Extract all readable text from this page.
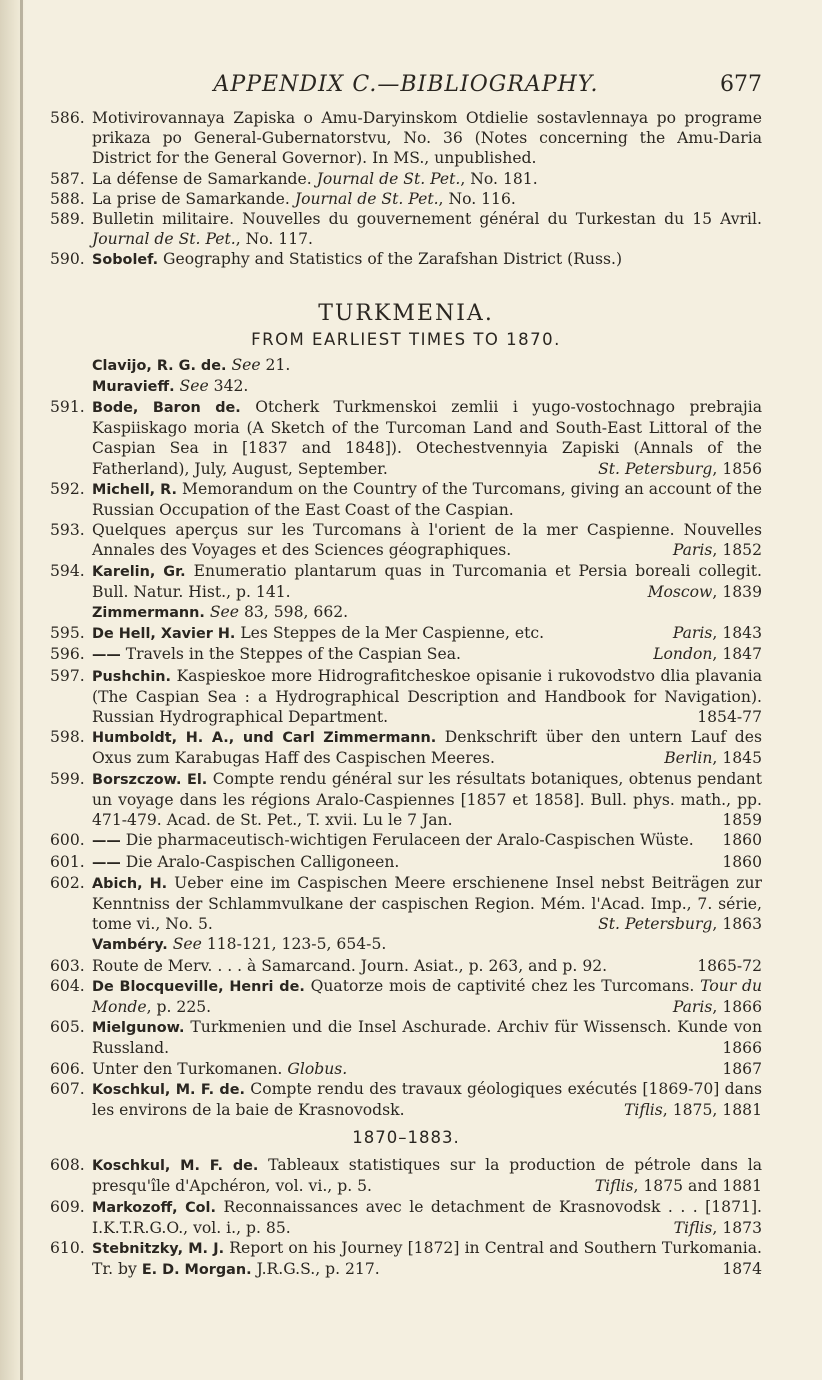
APPENDIX C.—BIBLIOGRAPHY.	677
586. Motivirovannaya Zapiska o Amu-Daryinskom Otdielie sostavlennaya po programe prikaza po General-Gubernatorstvu, No. 36 (Notes concerning the Amu-Daria District for the General Governor). In MS., unpublished.
587. La défense de Samarkande. Journal de St. Pet., No. 181.
588. La prise de Samarkande. Journal de St. Pet., No. 116.
589. Bulletin militaire. Nouvelles du gouvernement général du Turkestan du 15 Avril. Journal de St. Pet., No. 117.
590. Sobolef. Geography and Statistics of the Zarafshan District (Russ.)
TURKMENIA.
FROM EARLIEST TIMES TO 1870.
Clavijo, R. G. de. See 21.
Muravieff. See 342.
591. Bode, Baron de. Otcherk Turkmenskoi zemlii i yugo-vostochnago prebrajia Kaspiiskago moria (A Sketch of the Turcoman Land and South-East Littoral of the Caspian Sea in [1837 and 1848]). Otechestvennyia Zapiski (Annals of the Fatherland), July, August, September.	St. Petersburg, 1856
592. Michell, R. Memorandum on the Country of the Turcomans, giving an account of the Russian Occupation of the East Coast of the Caspian.
593. Quelques aperçus sur les Turcomans à l'orient de la mer Caspienne. Nouvelles Annales des Voyages et des Sciences géographiques.	Paris, 1852
594. Karelin, Gr. Enumeratio plantarum quas in Turcomania et Persia boreali collegit. Bull. Natur. Hist., p. 141.	Moscow, 1839
Zimmermann. See 83, 598, 662.
595. De Hell, Xavier H. Les Steppes de la Mer Caspienne, etc.	Paris, 1843
596. —— Travels in the Steppes of the Caspian Sea.	London, 1847
597. Pushchin. Kaspieskoe more Hidrografitcheskoe opisanie i rukovodstvo dlia plavania (The Caspian Sea : a Hydrographical Description and Handbook for Navigation). Russian Hydrographical Department.	1854-77
598. Humboldt, H. A., und Carl Zimmermann. Denkschrift über den untern Lauf des Oxus zum Karabugas Haff des Caspischen Meeres.	Berlin, 1845
599. Borszczow. El. Compte rendu général sur les résultats botaniques, obtenus pendant un voyage dans les régions Aralo-Caspiennes [1857 et 1858]. Bull. phys. math., pp. 471-479. Acad. de St. Pet., T. xvii. Lu le 7 Jan.	1859
600. —— Die pharmaceutisch-wichtigen Ferulaceen der Aralo-Caspischen Wüste. 1860
601. —— Die Aralo-Caspischen Calligoneen.	1860
602. Abich, H. Ueber eine im Caspischen Meere erschienene Insel nebst Beiträgen zur Kenntniss der Schlammvulkane der caspischen Region. Mém. l'Acad. Imp., 7. série, tome vi., No. 5.	St. Petersburg, 1863
Vambéry. See 118-121, 123-5, 654-5.
603. Route de Merv. . . . à Samarcand. Journ. Asiat., p. 263, and p. 92.	1865-72
604. De Blocqueville, Henri de. Quatorze mois de captivité chez les Turcomans. Tour du Monde, p. 225.	Paris, 1866
605. Mielgunow. Turkmenien und die Insel Aschurade. Archiv für Wissensch. Kunde von Russland.	1866
606. Unter den Turkomanen. Globus.	1867
607. Koschkul, M. F. de. Compte rendu des travaux géologiques exécutés [1869-70] dans les environs de la baie de Krasnovodsk.	Tiflis, 1875, 1881
1870–1883.
608. Koschkul, M. F. de. Tableaux statistiques sur la production de pétrole dans la presqu'île d'Apchéron, vol. vi., p. 5.	Tiflis, 1875 and 1881
609. Markozoff, Col. Reconnaissances avec le detachment de Krasnovodsk . . . [1871]. I.K.T.R.G.O., vol. i., p. 85.	Tiflis, 1873
610. Stebnitzky, M. J. Report on his Journey [1872] in Central and Southern Turkomania. Tr. by E. D. Morgan. J.R.G.S., p. 217.	1874
